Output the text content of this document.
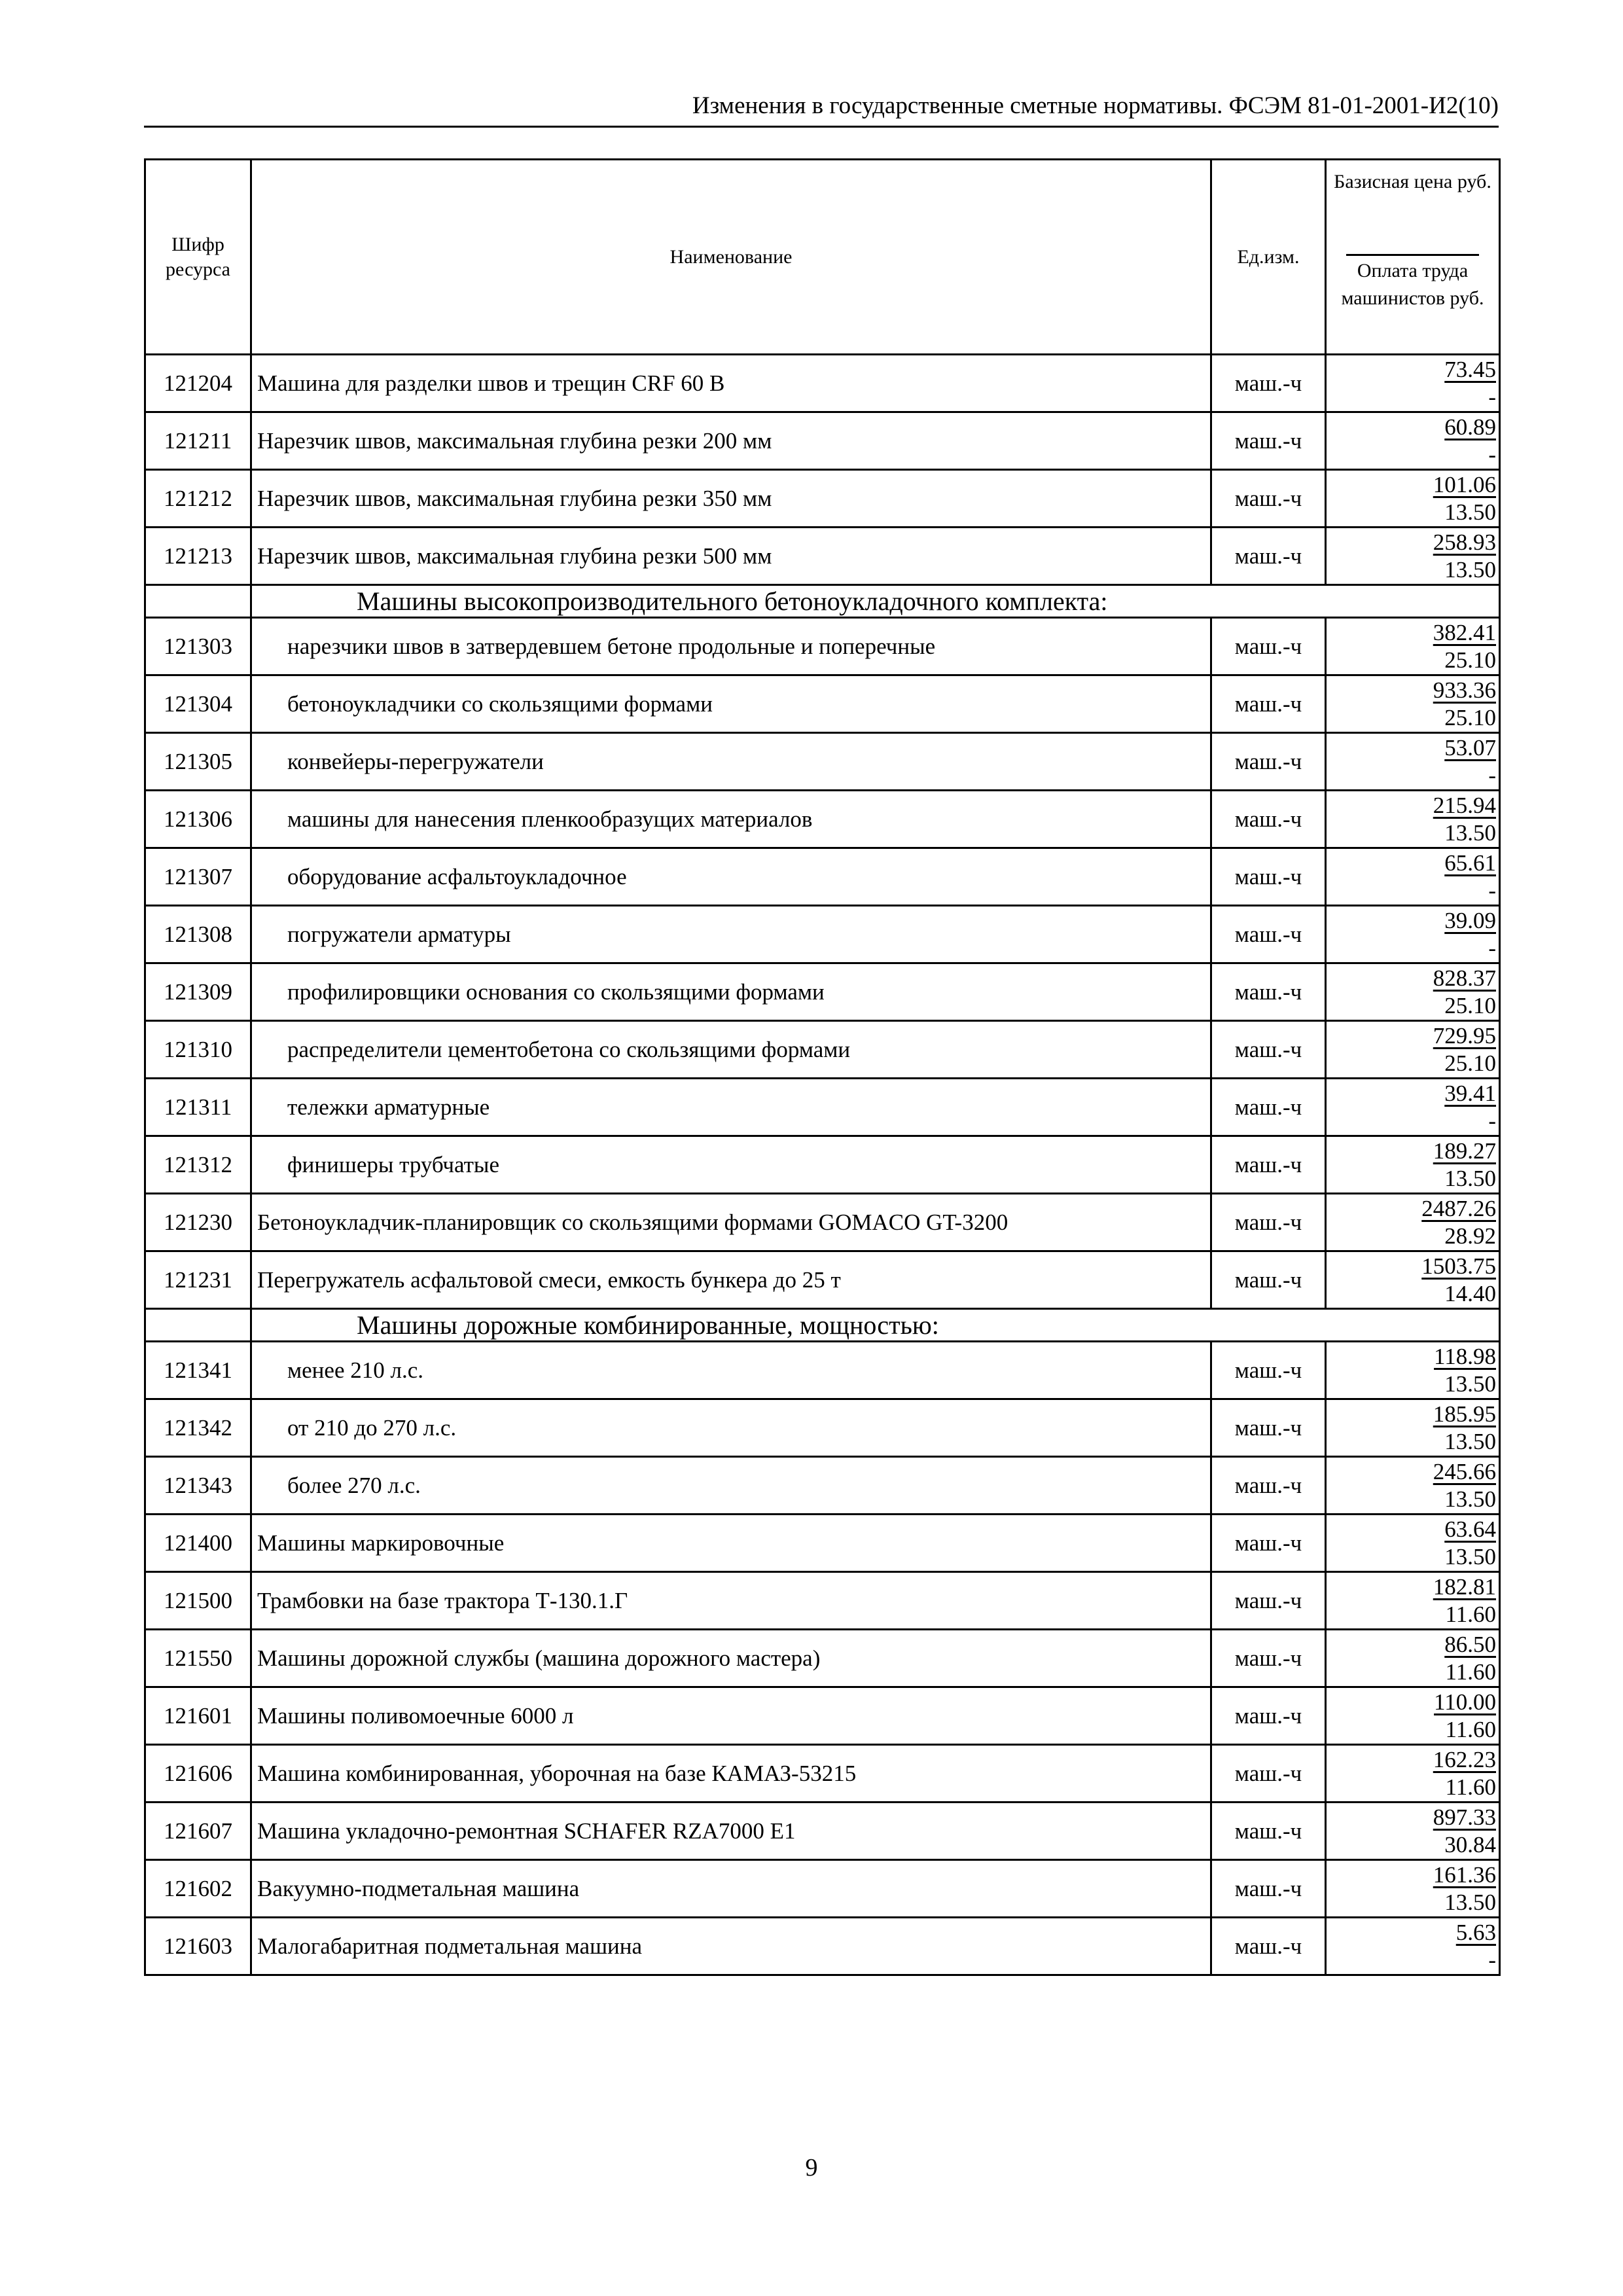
Изменения в государственные сметные нормативы. ФСЭМ 81-01-2001-И2(10)
Шифр ресурса	Наименование	Ед.изм.	Базисная цена руб.
Оплата труда машинистов руб.

121204	Машина для разделки швов и трещин CRF 60 B	маш.-ч	73.45
-

121211	Нарезчик швов, максимальная глубина резки 200 мм	маш.-ч	60.89
-

121212	Нарезчик швов, максимальная глубина резки 350 мм	маш.-ч	101.06
13.50

121213	Нарезчик швов, максимальная глубина резки 500 мм	маш.-ч	258.93
13.50

	Машины высокопроизводительного бетоноукладочного комплекта:		
121303	нарезчики швов в затвердевшем бетоне продольные и поперечные	маш.-ч	382.41
25.10

121304	бетоноукладчики со скользящими формами	маш.-ч	933.36
25.10

121305	конвейеры-перегружатели	маш.-ч	53.07
-

121306	машины для нанесения пленкообразущих материалов	маш.-ч	215.94
13.50

121307	оборудование асфальтоукладочное	маш.-ч	65.61
-

121308	погружатели арматуры	маш.-ч	39.09
-

121309	профилировщики основания со скользящими формами	маш.-ч	828.37
25.10

121310	распределители цементобетона со скользящими формами	маш.-ч	729.95
25.10

121311	тележки арматурные	маш.-ч	39.41
-

121312	финишеры трубчатые	маш.-ч	189.27
13.50

121230	Бетоноукладчик-планировщик со скользящими формами GOMACO GT-3200	маш.-ч	2487.26
28.92

121231	Перегружатель асфальтовой смеси, емкость бункера до 25 т	маш.-ч	1503.75
14.40

	Машины дорожные комбинированные, мощностью:		
121341	менее 210 л.с.	маш.-ч	118.98
13.50

121342	от 210 до 270 л.с.	маш.-ч	185.95
13.50

121343	более 270 л.с.	маш.-ч	245.66
13.50

121400	Машины маркировочные	маш.-ч	63.64
13.50

121500	Трамбовки на базе трактора Т-130.1.Г	маш.-ч	182.81
11.60

121550	Машины дорожной службы (машина дорожного мастера)	маш.-ч	86.50
11.60

121601	Машины поливомоечные 6000 л	маш.-ч	110.00
11.60

121606	Машина комбинированная, уборочная на базе КАМАЗ-53215	маш.-ч	162.23
11.60

121607	Машина укладочно-ремонтная SCHAFER RZA7000 E1	маш.-ч	897.33
30.84

121602	Вакуумно-подметальная машина	маш.-ч	161.36
13.50

121603	Малогабаритная подметальная машина	маш.-ч	5.63
-
9
